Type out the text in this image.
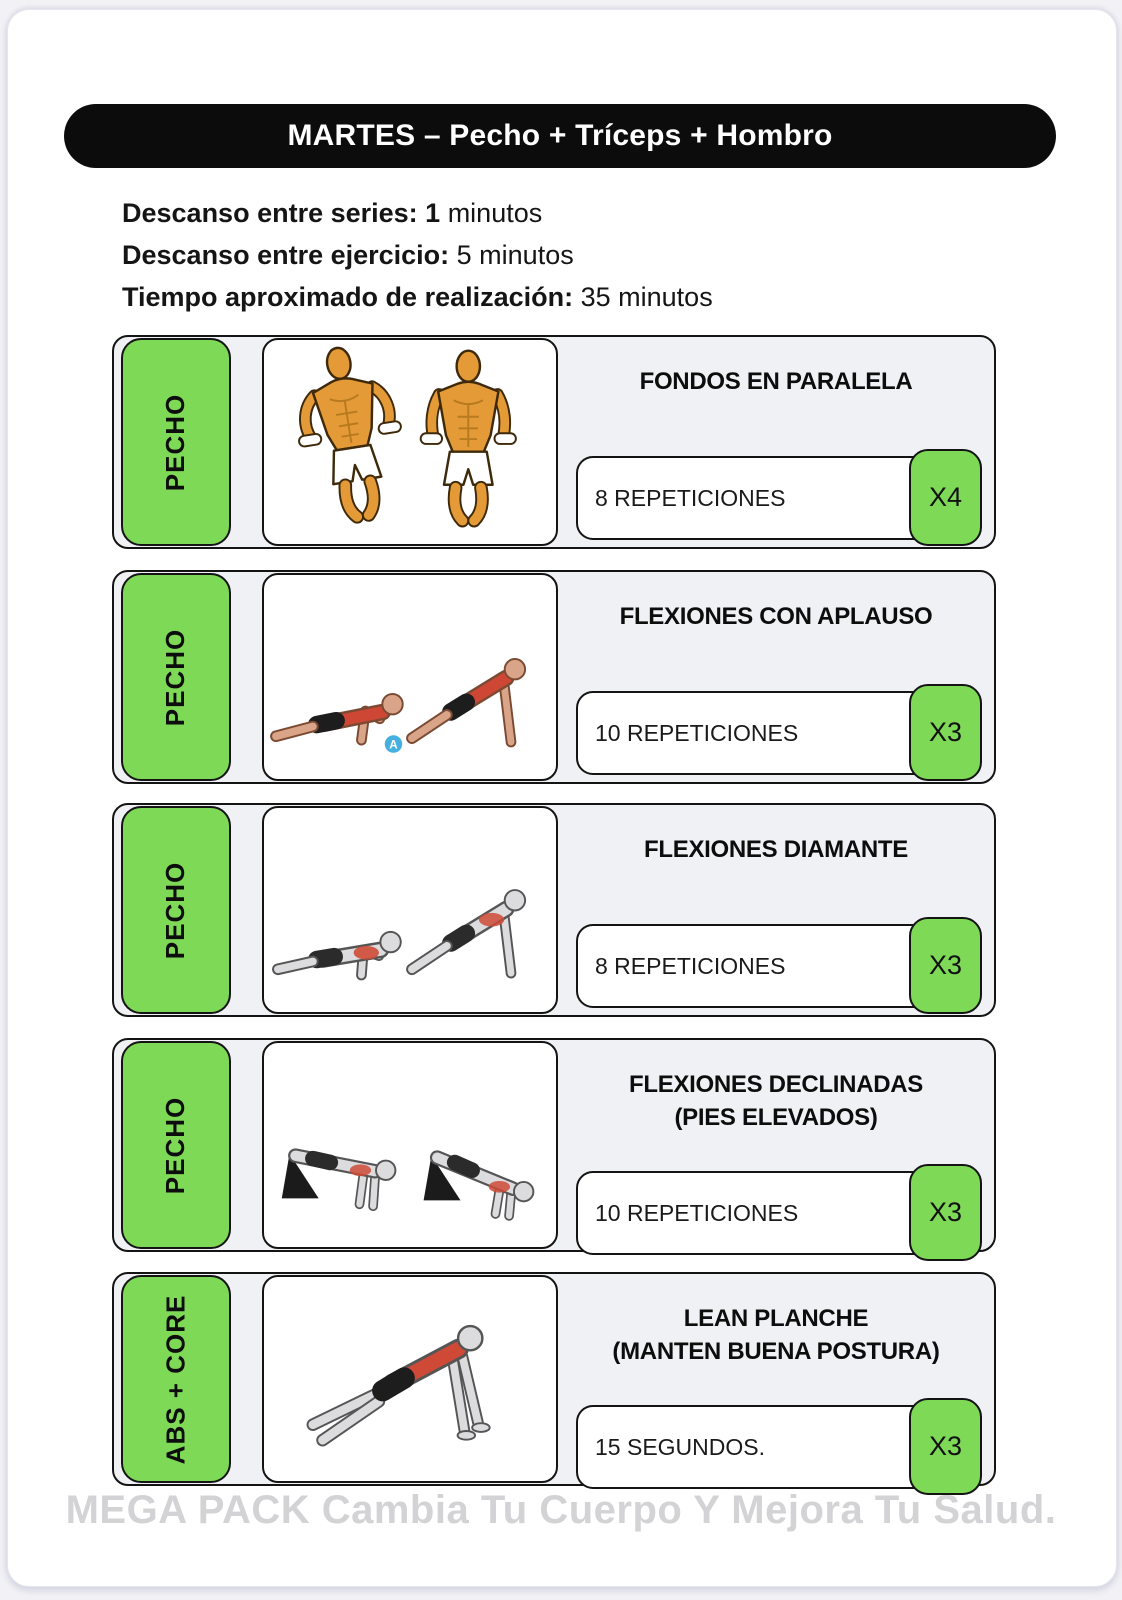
MARTES – Pecho + Tríceps + Hombro
Descanso entre series: 1 minutos
Descanso entre ejercicio: 5 minutos
Tiempo aproximado de realización: 35 minutos
PECHO
FONDOS EN PARALELA
8 REPETICIONES	X4
PECHO
A
FLEXIONES CON APLAUSO
10 REPETICIONES	X3
PECHO
FLEXIONES DIAMANTE
8 REPETICIONES	X3
PECHO
FLEXIONES DECLINADAS
(PIES ELEVADOS)
10 REPETICIONES	X3
ABS + CORE	LEAN PLANCHE
(MANTEN BUENA POSTURA)
15 SEGUNDOS.	X3
MEGA PACK Cambia Tu Cuerpo Y Mejora Tu Salud.
